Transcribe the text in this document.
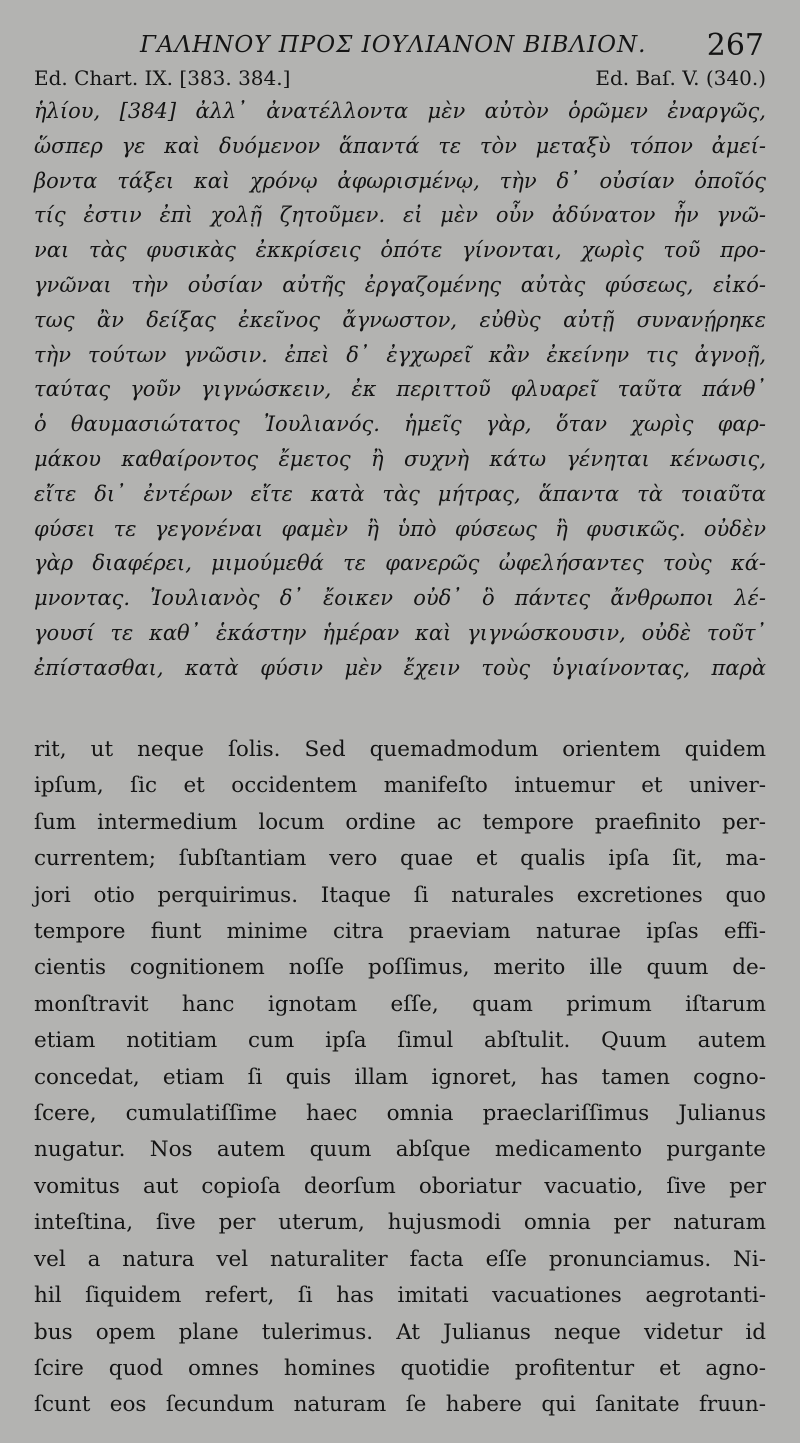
ΓΑΛΗΝΟΥ ΠΡΟΣ ΙΟΥΛΙΑΝΟΝ ΒΙΒΛΙΟΝ. 267
Ed. Chart. IX. [383. 384.]	Ed. Baſ. V. (340.)
ἡλίου, [384] ἀλλ᾽ ἀνατέλλοντα μὲν αὐτὸν ὁρῶμεν ἐναργῶς,
ὥσπερ γε καὶ δυόμενον ἅπαντά τε τὸν μεταξὺ τόπον ἀμεί-
βοντα τάξει καὶ χρόνῳ ἀφωρισμένῳ, τὴν δ᾽ οὐσίαν ὁποῖός
τίς ἐστιν ἐπὶ χολῇ ζητοῦμεν. εἰ μὲν οὖν ἀδύνατον ἦν γνῶ-
ναι τὰς φυσικὰς ἐκκρίσεις ὁπότε γίνονται, χωρὶς τοῦ προ-
γνῶναι τὴν οὐσίαν αὐτῆς ἐργαζομένης αὐτὰς φύσεως, εἰκό-
τως ἂν δείξας ἐκεῖνος ἄγνωστον, εὐθὺς αὐτῇ συνανῄρηκε
τὴν τούτων γνῶσιν. ἐπεὶ δ᾽ ἐγχωρεῖ κἂν ἐκείνην τις ἀγνοῇ,
ταύτας γοῦν γιγνώσκειν, ἐκ περιττοῦ φλυαρεῖ ταῦτα πάνθ᾽
ὁ θαυμασιώτατος Ἰουλιανός. ἡμεῖς γὰρ, ὅταν χωρὶς φαρ-
μάκου καθαίροντος ἔμετος ἢ συχνὴ κάτω γένηται κένωσις,
εἴτε δι᾽ ἐντέρων εἴτε κατὰ τὰς μήτρας, ἅπαντα τὰ τοιαῦτα
φύσει τε γεγονέναι φαμὲν ἢ ὑπὸ φύσεως ἢ φυσικῶς. οὐδὲν
γὰρ διαφέρει, μιμούμεθά τε φανερῶς ὠφελήσαντες τοὺς κά-
μνοντας. Ἰουλιανὸς δ᾽ ἔοικεν οὐδ᾽ ὃ πάντες ἄνθρωποι λέ-
γουσί τε καθ᾽ ἑκάστην ἡμέραν καὶ γιγνώσκουσιν, οὐδὲ τοῦτ᾽
ἐπίστασθαι, κατὰ φύσιν μὲν ἔχειν τοὺς ὑγιαίνοντας, παρὰ
rit, ut neque ſolis. Sed quemadmodum orientem quidem
ipſum, ſic et occidentem manifeſto intuemur et univer-
ſum intermedium locum ordine ac tempore praefinito per-
currentem; ſubſtantiam vero quae et qualis ipſa ſit, ma-
jori otio perquirimus. Itaque ſi naturales excretiones quo
tempore fiunt minime citra praeviam naturae ipſas effi-
cientis cognitionem noſſe poſſimus, merito ille quum de-
monſtravit hanc ignotam eſſe, quam primum iſtarum
etiam notitiam cum ipſa ſimul abſtulit. Quum autem
concedat, etiam ſi quis illam ignoret, has tamen cogno-
ſcere, cumulatiſſime haec omnia praeclariſſimus Julianus
nugatur. Nos autem quum abſque medicamento purgante
vomitus aut copioſa deorſum oboriatur vacuatio, ſive per
inteſtina, ſive per uterum, hujusmodi omnia per naturam
vel a natura vel naturaliter facta eſſe pronunciamus. Ni-
hil ſiquidem refert, ſi has imitati vacuationes aegrotanti-
bus opem plane tulerimus. At Julianus neque videtur id
ſcire quod omnes homines quotidie profitentur et agno-
ſcunt eos ſecundum naturam ſe habere qui ſanitate fruun-
